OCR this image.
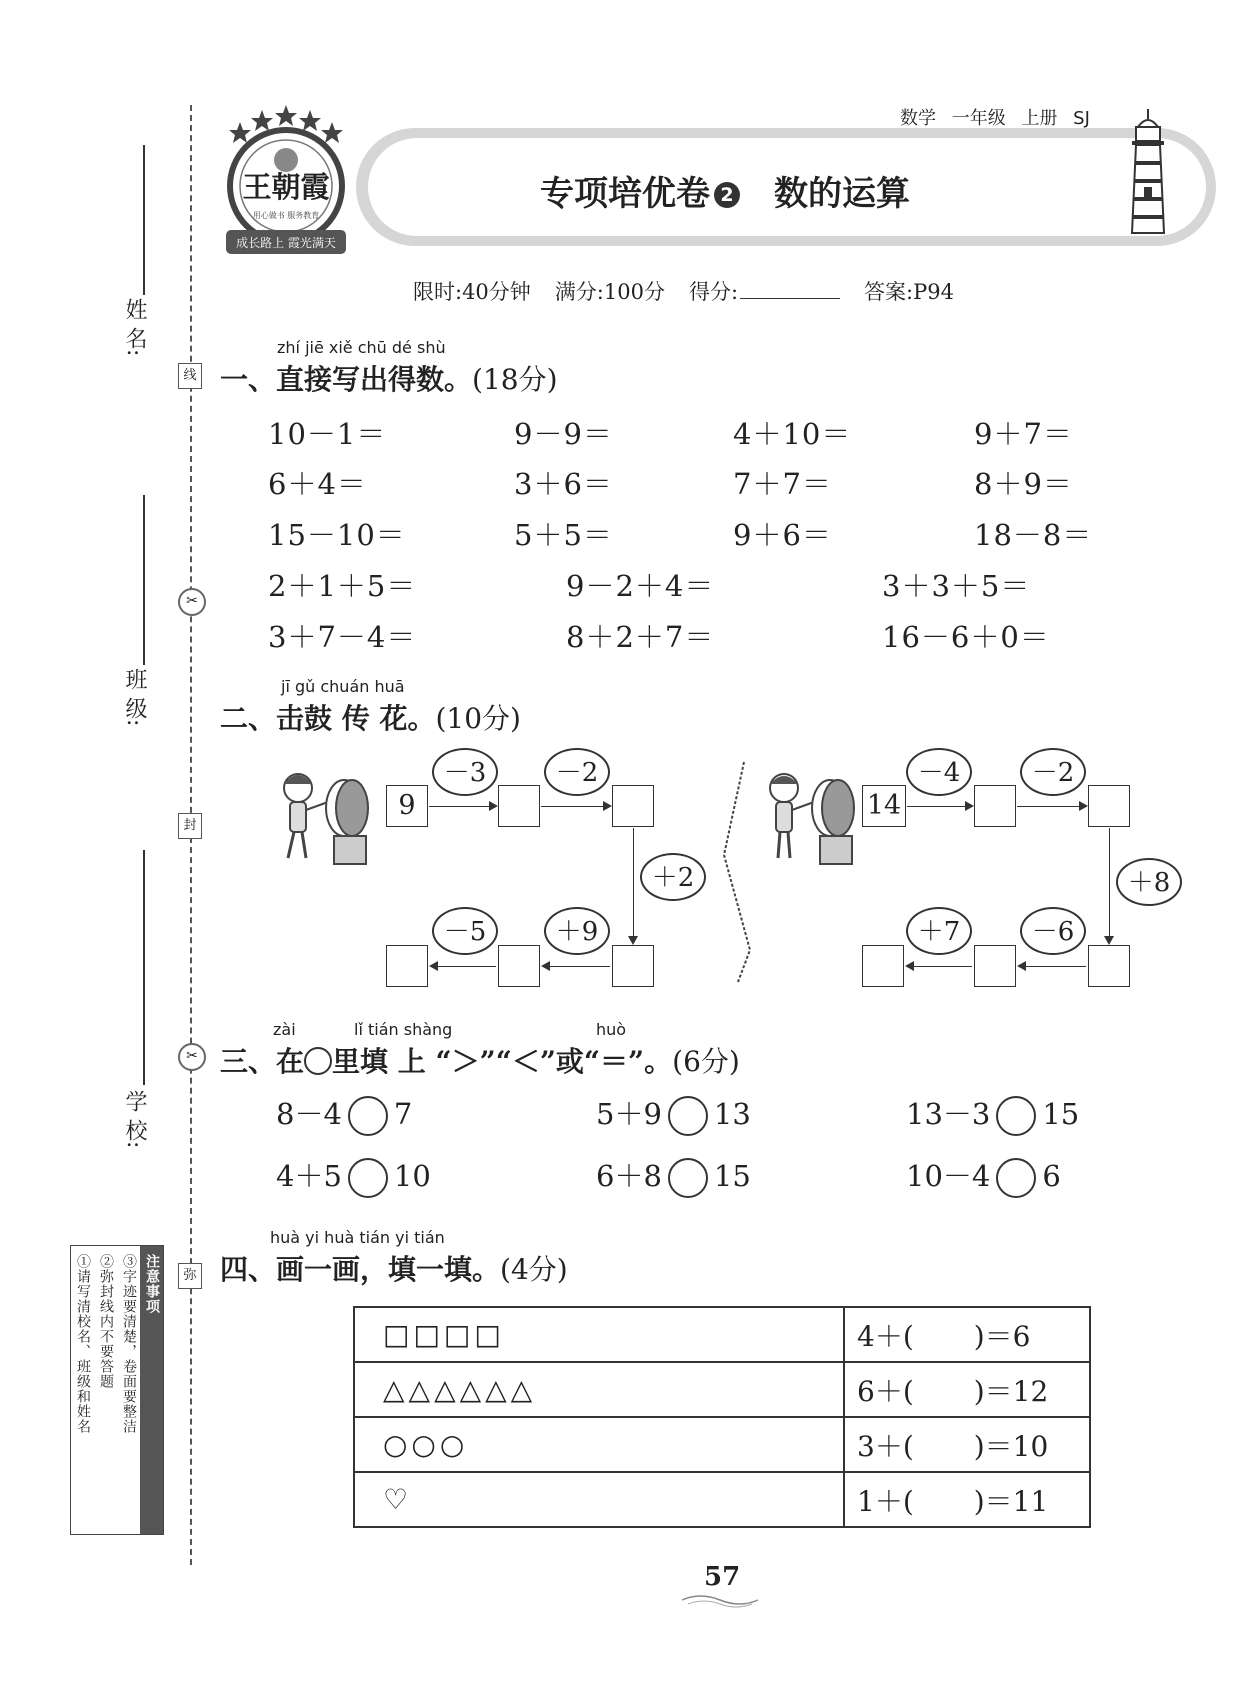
姓 名:
班 级:
学 校:
线
✂
封
✂
弥
①请写清校名、班级和姓名 ②弥封线内不要答题 ③字迹要清楚，卷面要整洁 注意事项
王朝霞
用心做书 服务教育
成长路上 霞光满天
数学 一年级 上册 SJ
专项培优卷 2 数的运算
限时:40分钟 满分:100分 得分:	答案:P94
zhí jiē xiě chū dé shù
一、直接写出得数。(18分)
10－1＝	9－9＝	4＋10＝	9＋7＝
6＋4＝	3＋6＝	7＋7＝	8＋9＝
15－10＝	5＋5＝	9＋6＝	18－8＝
2＋1＋5＝	9－2＋4＝	3＋3＋5＝
3＋7－4＝	8＋2＋7＝	16－6＋0＝
jī gǔ chuán huā
二、击鼓 传 花。(10分)
9
－3	－2
＋2
＋9
－5
14
－4	－2
＋8
－6
＋7
zài	lǐ tián shàng	huò
三、在 里填 上 “＞”“＜”或“＝”。(6分)
8－4 7	5＋9 13	13－3 15
4＋5 10	6＋8 15	10－4 6
huà yi huà tián yi tián
四、画一画，填一填。(4分)
□□□□	4＋( )＝6
△△△△△△	6＋( )＝12
○○○	3＋( )＝10
♡	1＋( )＝11
57
